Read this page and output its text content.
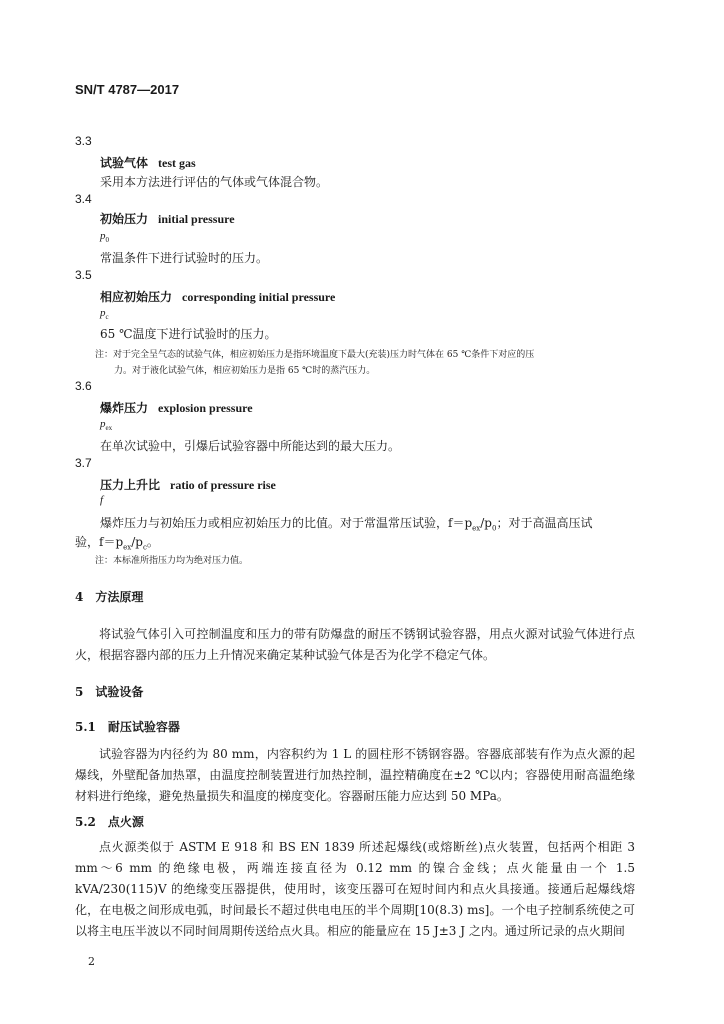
SN/T 4787—2017
3.3
试验气体 test gas
采用本方法进行评估的气体或气体混合物。
3.4
初始压力 initial pressure
$p_0$
常温条件下进行试验时的压力。
3.5
相应初始压力 corresponding initial pressure
$p_c$
65 ℃温度下进行试验时的压力。
注：对于完全呈气态的试验气体，相应初始压力是指环境温度下最大(充装)压力时气体在 65 ℃条件下对应的压
力。对于液化试验气体，相应初始压力是指 65 ℃时的蒸汽压力。
3.6
爆炸压力 explosion pressure
$p_{ex}$
在单次试验中，引爆后试验容器中所能达到的最大压力。
3.7
压力上升比 ratio of pressure rise
f
爆炸压力与初始压力或相应初始压力的比值。对于常温常压试验，$f=p_{ex}/p_0$；对于高温高压试
验，$f=p_{ex}/p_c$。
注：本标准所指压力均为绝对压力值。
4　方法原理
将试验气体引入可控制温度和压力的带有防爆盘的耐压不锈钢试验容器，用点火源对试验气体进行点火，根据容器内部的压力上升情况来确定某种试验气体是否为化学不稳定气体。
5　试验设备
5.1　耐压试验容器
试验容器为内径约为 80 mm，内容积约为 1 L 的圆柱形不锈钢容器。容器底部装有作为点火源的起爆线，外壁配备加热罩，由温度控制装置进行加热控制，温控精确度在±2 ℃以内；容器使用耐高温绝缘材料进行绝缘，避免热量损失和温度的梯度变化。容器耐压能力应达到 50 MPa。
5.2　点火源
点火源类似于 ASTM E 918 和 BS EN 1839 所述起爆线(或熔断丝)点火装置，包括两个相距 3 mm～6 mm 的绝缘电极，两端连接直径为 0.12 mm 的镍合金线；点火能量由一个 1.5 kVA/230(115)V 的绝缘变压器提供，使用时，该变压器可在短时间内和点火具接通。接通后起爆线熔化，在电极之间形成电弧，时间最长不超过供电电压的半个周期[10(8.3) ms]。一个电子控制系统使之可以将主电压半波以不同时间周期传送给点火具。相应的能量应在 15 J±3 J 之内。通过所记录的点火期间
2
